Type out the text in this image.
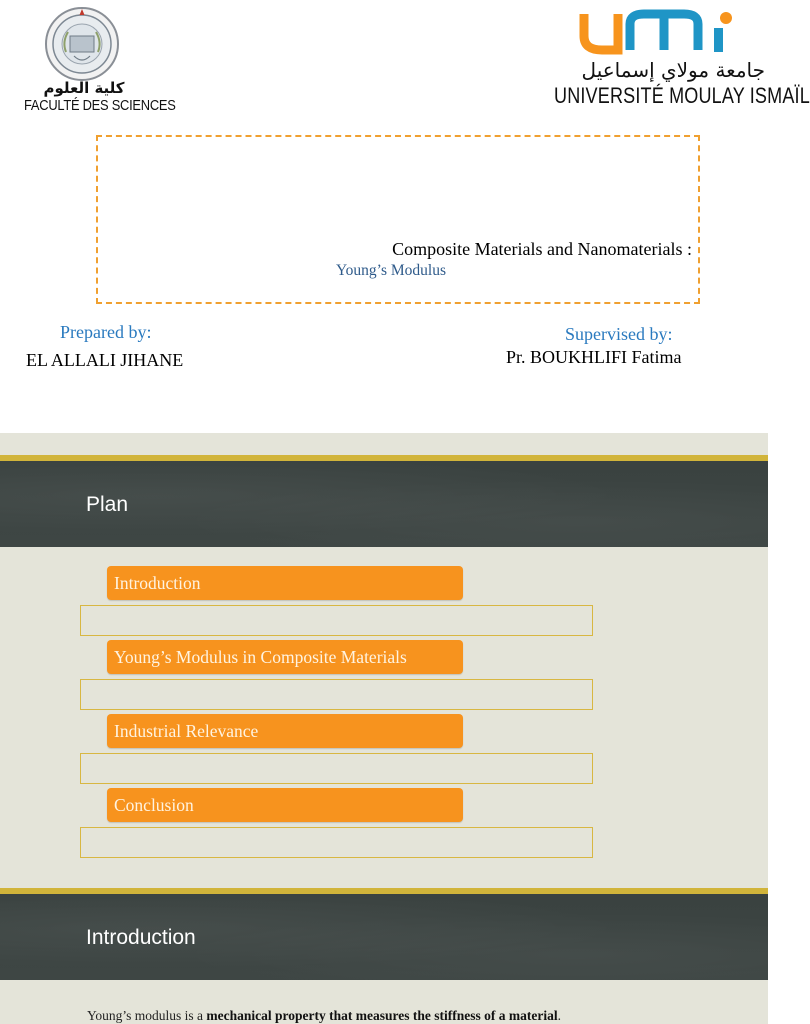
كلية العلوم
FACULTÉ DES SCIENCES
جامعة مولاي إسماعيل
UNIVERSITÉ MOULAY ISMAÏL
Composite Materials and Nanomaterials :
Young’s Modulus
Prepared by:
EL ALLALI JIHANE
Supervised by:
Pr. BOUKHLIFI Fatima
Plan
Introduction
Young’s Modulus in Composite Materials
Industrial Relevance
Conclusion
Introduction
Young’s modulus is a mechanical property that measures the stiffness of a material.
